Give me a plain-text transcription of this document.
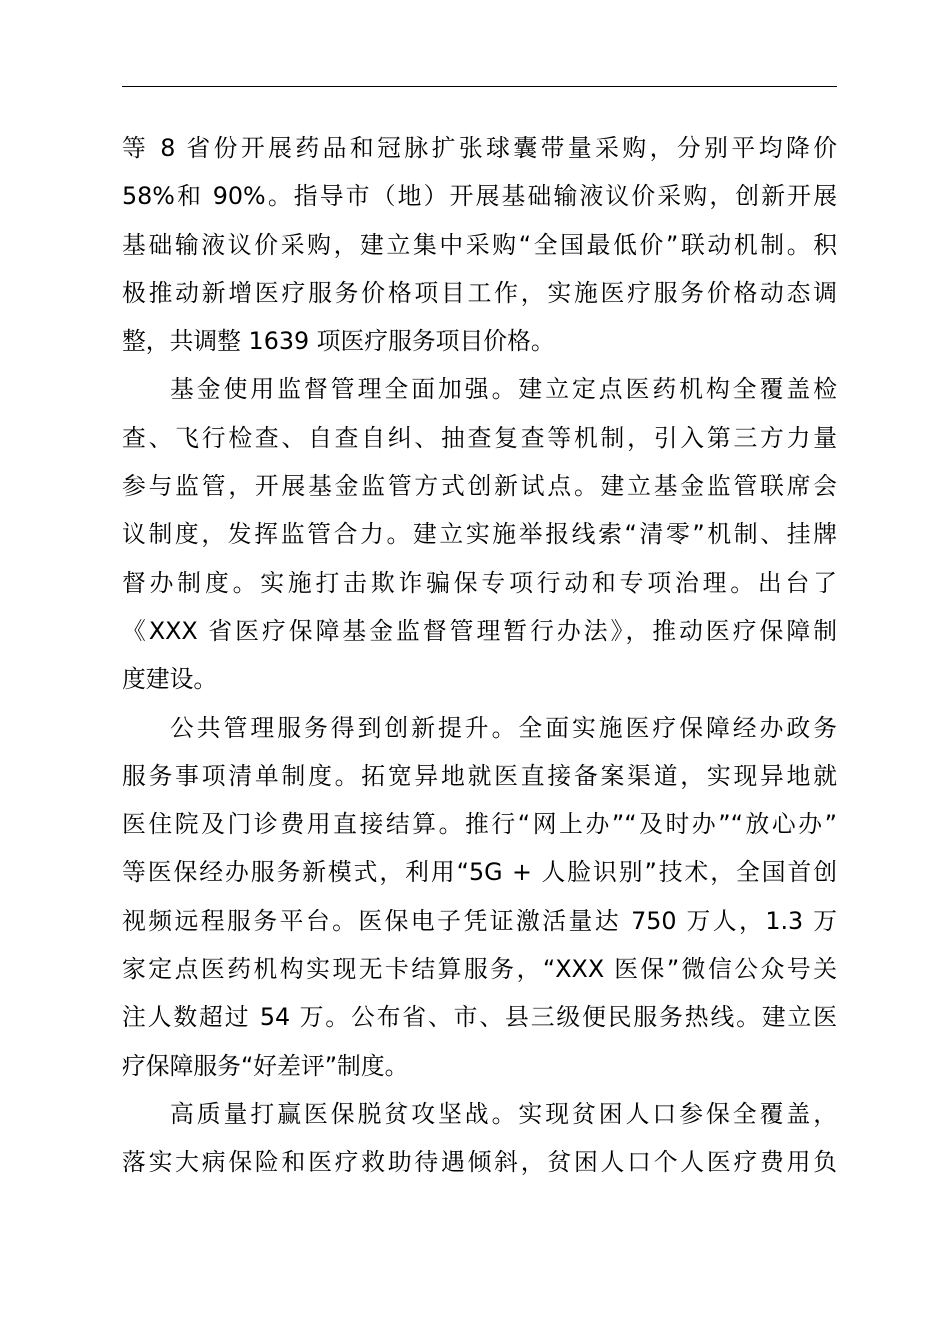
等 8 省份开展药品和冠脉扩张球囊带量采购，分别平均降价
58%和 90%。指导市（地）开展基础输液议价采购，创新开展
基础输液议价采购，建立集中采购“全国最低价”联动机制。积
极推动新增医疗服务价格项目工作，实施医疗服务价格动态调
整，共调整 1639 项医疗服务项目价格。
基金使用监督管理全面加强。建立定点医药机构全覆盖检
查、飞行检查、自查自纠、抽查复查等机制，引入第三方力量
参与监管，开展基金监管方式创新试点。建立基金监管联席会
议制度，发挥监管合力。建立实施举报线索“清零”机制、挂牌
督办制度。实施打击欺诈骗保专项行动和专项治理。出台了
《XXX 省医疗保障基金监督管理暂行办法》，推动医疗保障制
度建设。
公共管理服务得到创新提升。全面实施医疗保障经办政务
服务事项清单制度。拓宽异地就医直接备案渠道，实现异地就
医住院及门诊费用直接结算。推行“网上办”“及时办”“放心办”
等医保经办服务新模式，利用“5G + 人脸识别”技术，全国首创
视频远程服务平台。医保电子凭证激活量达 750 万人，1.3 万
家定点医药机构实现无卡结算服务，“XXX 医保”微信公众号关
注人数超过 54 万。公布省、市、县三级便民服务热线。建立医
疗保障服务“好差评”制度。
高质量打赢医保脱贫攻坚战。实现贫困人口参保全覆盖，
落实大病保险和医疗救助待遇倾斜，贫困人口个人医疗费用负
